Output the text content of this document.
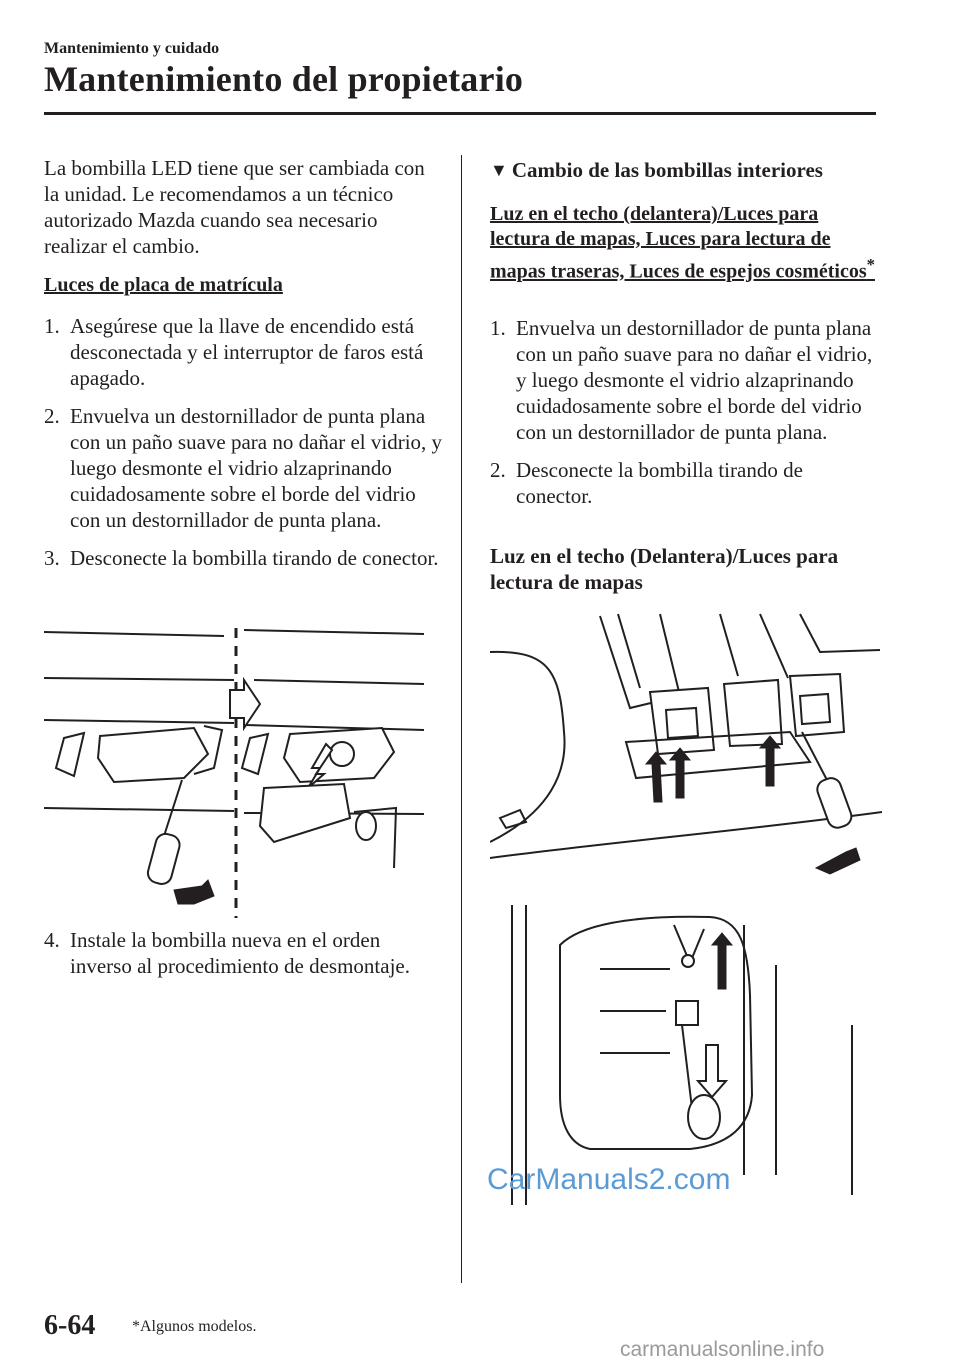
Mantenimiento y cuidado
Mantenimiento del propietario
La bombilla LED tiene que ser cambiada con la unidad. Le recomendamos a un técnico autorizado Mazda cuando sea necesario realizar el cambio.
Luces de placa de matrícula
1. Asegúrese que la llave de encendido está desconectada y el interruptor de faros está apagado.
2. Envuelva un destornillador de punta plana con un paño suave para no dañar el vidrio, y luego desmonte el vidrio alzaprinando cuidadosamente sobre el borde del vidrio con un destornillador de punta plana.
3. Desconecte la bombilla tirando de conector.
4. Instale la bombilla nueva en el orden inverso al procedimiento de desmontaje.
▼ Cambio de las bombillas interiores
Luz en el techo (delantera)/Luces para lectura de mapas, Luces para lectura de mapas traseras, Luces de espejos cosméticos*
1. Envuelva un destornillador de punta plana con un paño suave para no dañar el vidrio, y luego desmonte el vidrio alzaprinando cuidadosamente sobre el borde del vidrio con un destornillador de punta plana.
2. Desconecte la bombilla tirando de conector.
Luz en el techo (Delantera)/Luces para lectura de mapas
CarManuals2.com
6-64 *Algunos modelos.
carmanualsonline.info
